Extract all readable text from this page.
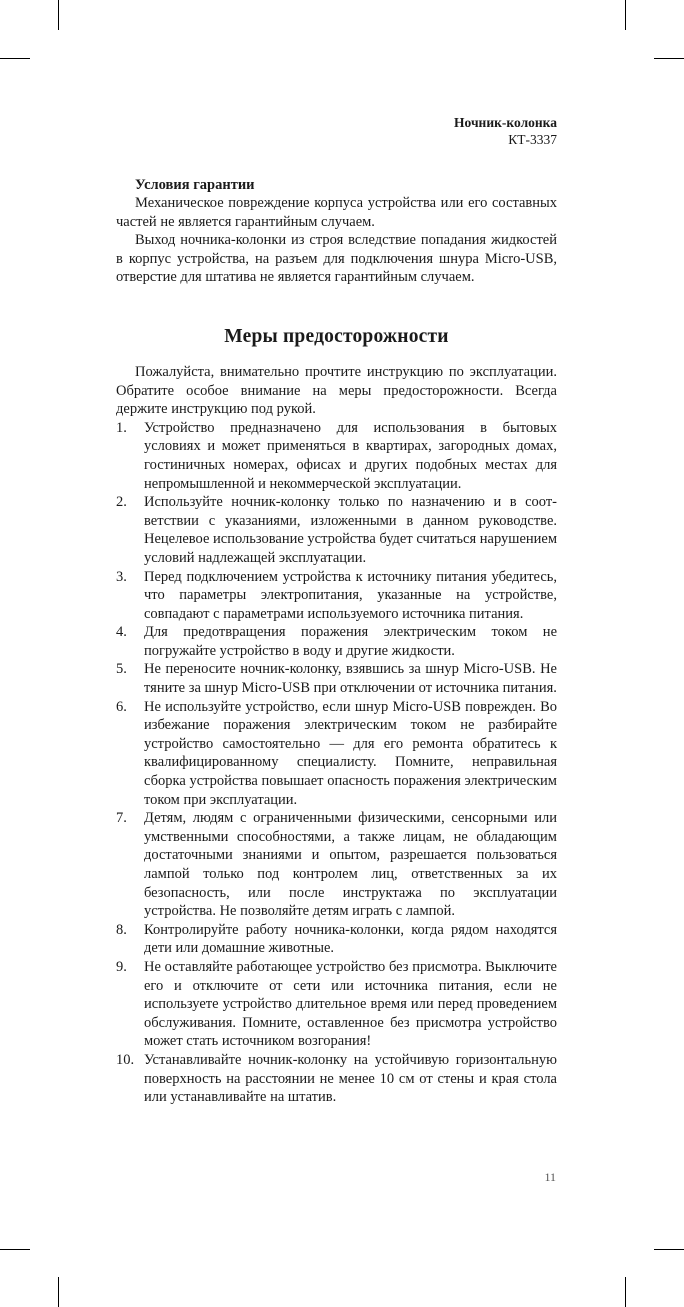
Ночник-колонка
КТ-3337
Условия гарантии

Механическое повреждение корпуса устройства или его составных частей не является гарантийным случаем.

Выход ночника-колонки из строя вследствие попадания жидкостей в корпус устройства, на разъем для подключения шнура Micro-USB, отверстие для штатива не является гарантийным случаем.

Меры предосторожности

Пожалуйста, внимательно прочтите инструкцию по эксплуатации. Обратите особое внимание на меры предосторожности. Всегда держите инструкцию под рукой.

1. Устройство предназначено для использования в бытовых условиях и может применяться в квартирах, загородных домах, гостиничных номерах, офисах и других подобных местах для непромышленной и некоммерческой эксплуатации.
2. Используйте ночник-колонку только по назначению и в соответствии с указаниями, изложенными в данном руководстве. Нецелевое использование устройства будет считаться нарушением условий надлежащей эксплуатации.
3. Перед подключением устройства к источнику питания убедитесь, что параметры электропитания, указанные на устройстве, совпадают с параметрами используемого источника питания.
4. Для предотвращения поражения электрическим током не погружайте устройство в воду и другие жидкости.
5. Не переносите ночник-колонку, взявшись за шнур Micro-USB. Не тяните за шнур Micro-USB при отключении от источника питания.
6. Не используйте устройство, если шнур Micro-USB поврежден. Во избежание поражения электрическим током не разбирайте устройство самостоятельно — для его ремонта обратитесь к квалифицированному специалисту. Помните, неправильная сборка устройства повышает опасность поражения электрическим током при эксплуатации.
7. Детям, людям с ограниченными физическими, сенсорными или умственными способностями, а также лицам, не обладающим достаточными знаниями и опытом, разрешается пользоваться лампой только под контролем лиц, ответственных за их безопасность, или после инструктажа по эксплуатации устройства. Не позволяйте детям играть с лампой.
8. Контролируйте работу ночника-колонки, когда рядом находятся дети или домашние животные.
9. Не оставляйте работающее устройство без присмотра. Выключите его и отключите от сети или источника питания, если не используете устройство длительное время или перед проведением обслуживания. Помните, оставленное без присмотра устройство может стать источником возгорания!
10. Устанавливайте ночник-колонку на устойчивую горизонтальную поверхность на расстоянии не менее 10 см от стены и края стола или устанавливайте на штатив.
11
